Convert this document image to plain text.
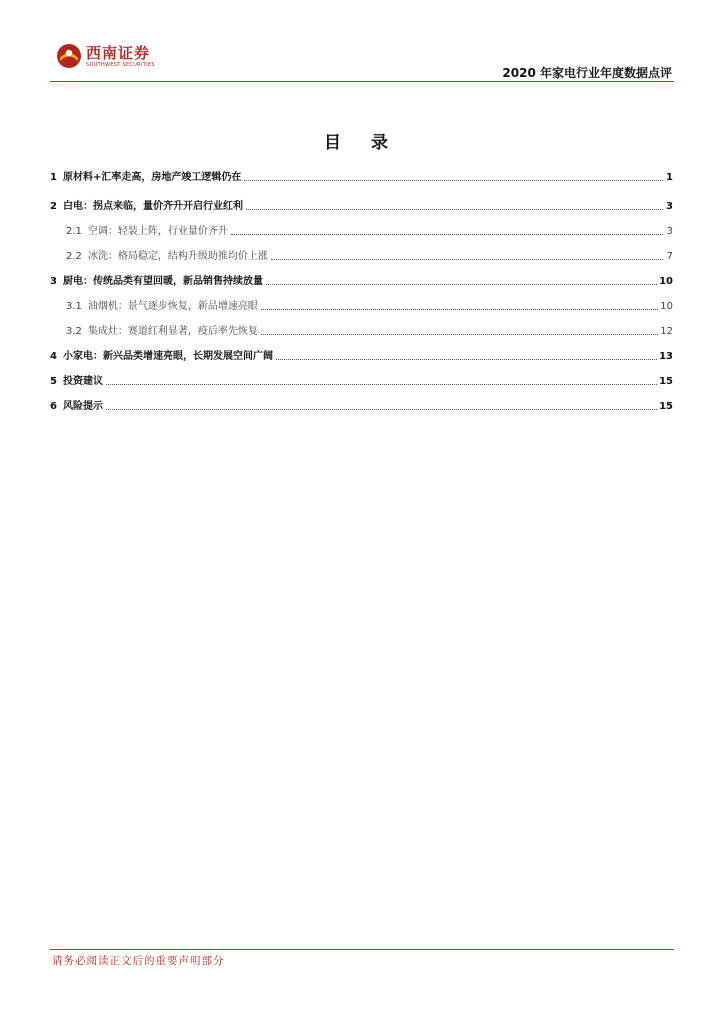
西南证券
SOUTHWEST SECURITIES
2020 年家电行业年度数据点评
目 录
1 原材料+汇率走高，房地产竣工逻辑仍在	1
2 白电：拐点来临，量价齐升开启行业红利	3
2.1 空调：轻装上阵，行业量价齐升	3
2.2 冰洗：格局稳定，结构升级助推均价上涨	7
3 厨电：传统品类有望回暖，新品销售持续放量	10
3.1 油烟机：景气逐步恢复，新品增速亮眼	10
3.2 集成灶：赛道红利显著，疫后率先恢复	12
4 小家电：新兴品类增速亮眼，长期发展空间广阔	13
5 投资建议	15
6 风险提示	15
请务必阅读正文后的重要声明部分
